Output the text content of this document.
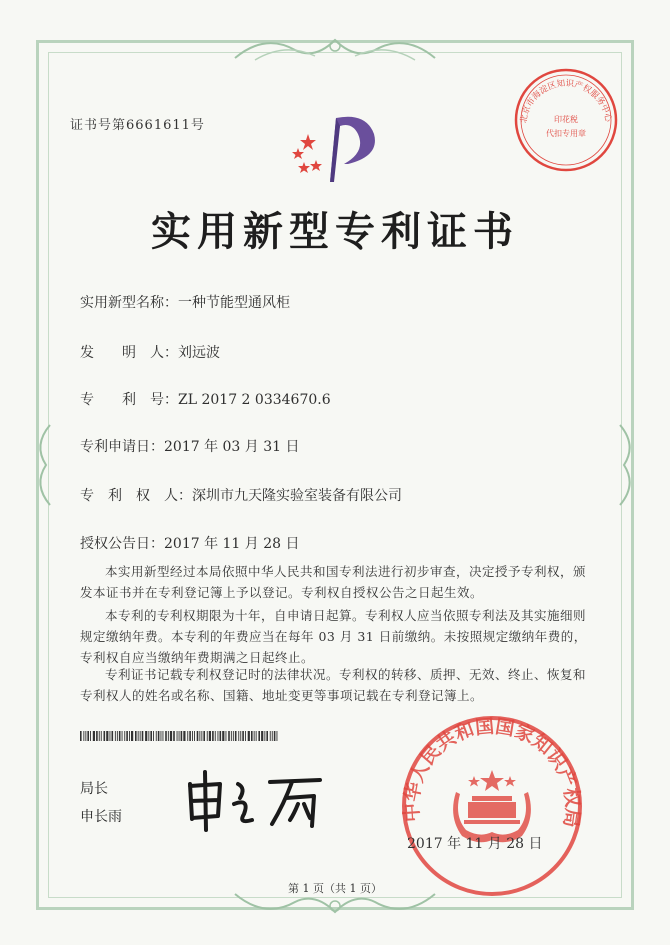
证书号第6661611号	北京市海淀区知识产权服务中心
印花税
代扣专用章
实用新型专利证书
实用新型名称：一种节能型通风柜
发　　明　人：刘远波
专　　利　号：ZL 2017 2 0334670.6
专利申请日：2017 年 03 月 31 日
专　利　权　人：深圳市九天隆实验室装备有限公司
授权公告日：2017 年 11 月 28 日

本实用新型经过本局依照中华人民共和国专利法进行初步审查，决定授予专利权，颁发本证书并在专利登记簿上予以登记。专利权自授权公告之日起生效。

本专利的专利权期限为十年，自申请日起算。专利权人应当依照专利法及其实施细则规定缴纳年费。本专利的年费应当在每年 03 月 31 日前缴纳。未按照规定缴纳年费的，专利权自应当缴纳年费期满之日起终止。

专利证书记载专利权登记时的法律状况。专利权的转移、质押、无效、终止、恢复和专利权人的姓名或名称、国籍、地址变更等事项记载在专利登记簿上。

局长
申长雨	中华人民共和国国家知识产权局
2017 年 11 月 28 日
第 1 页（共 1 页）
